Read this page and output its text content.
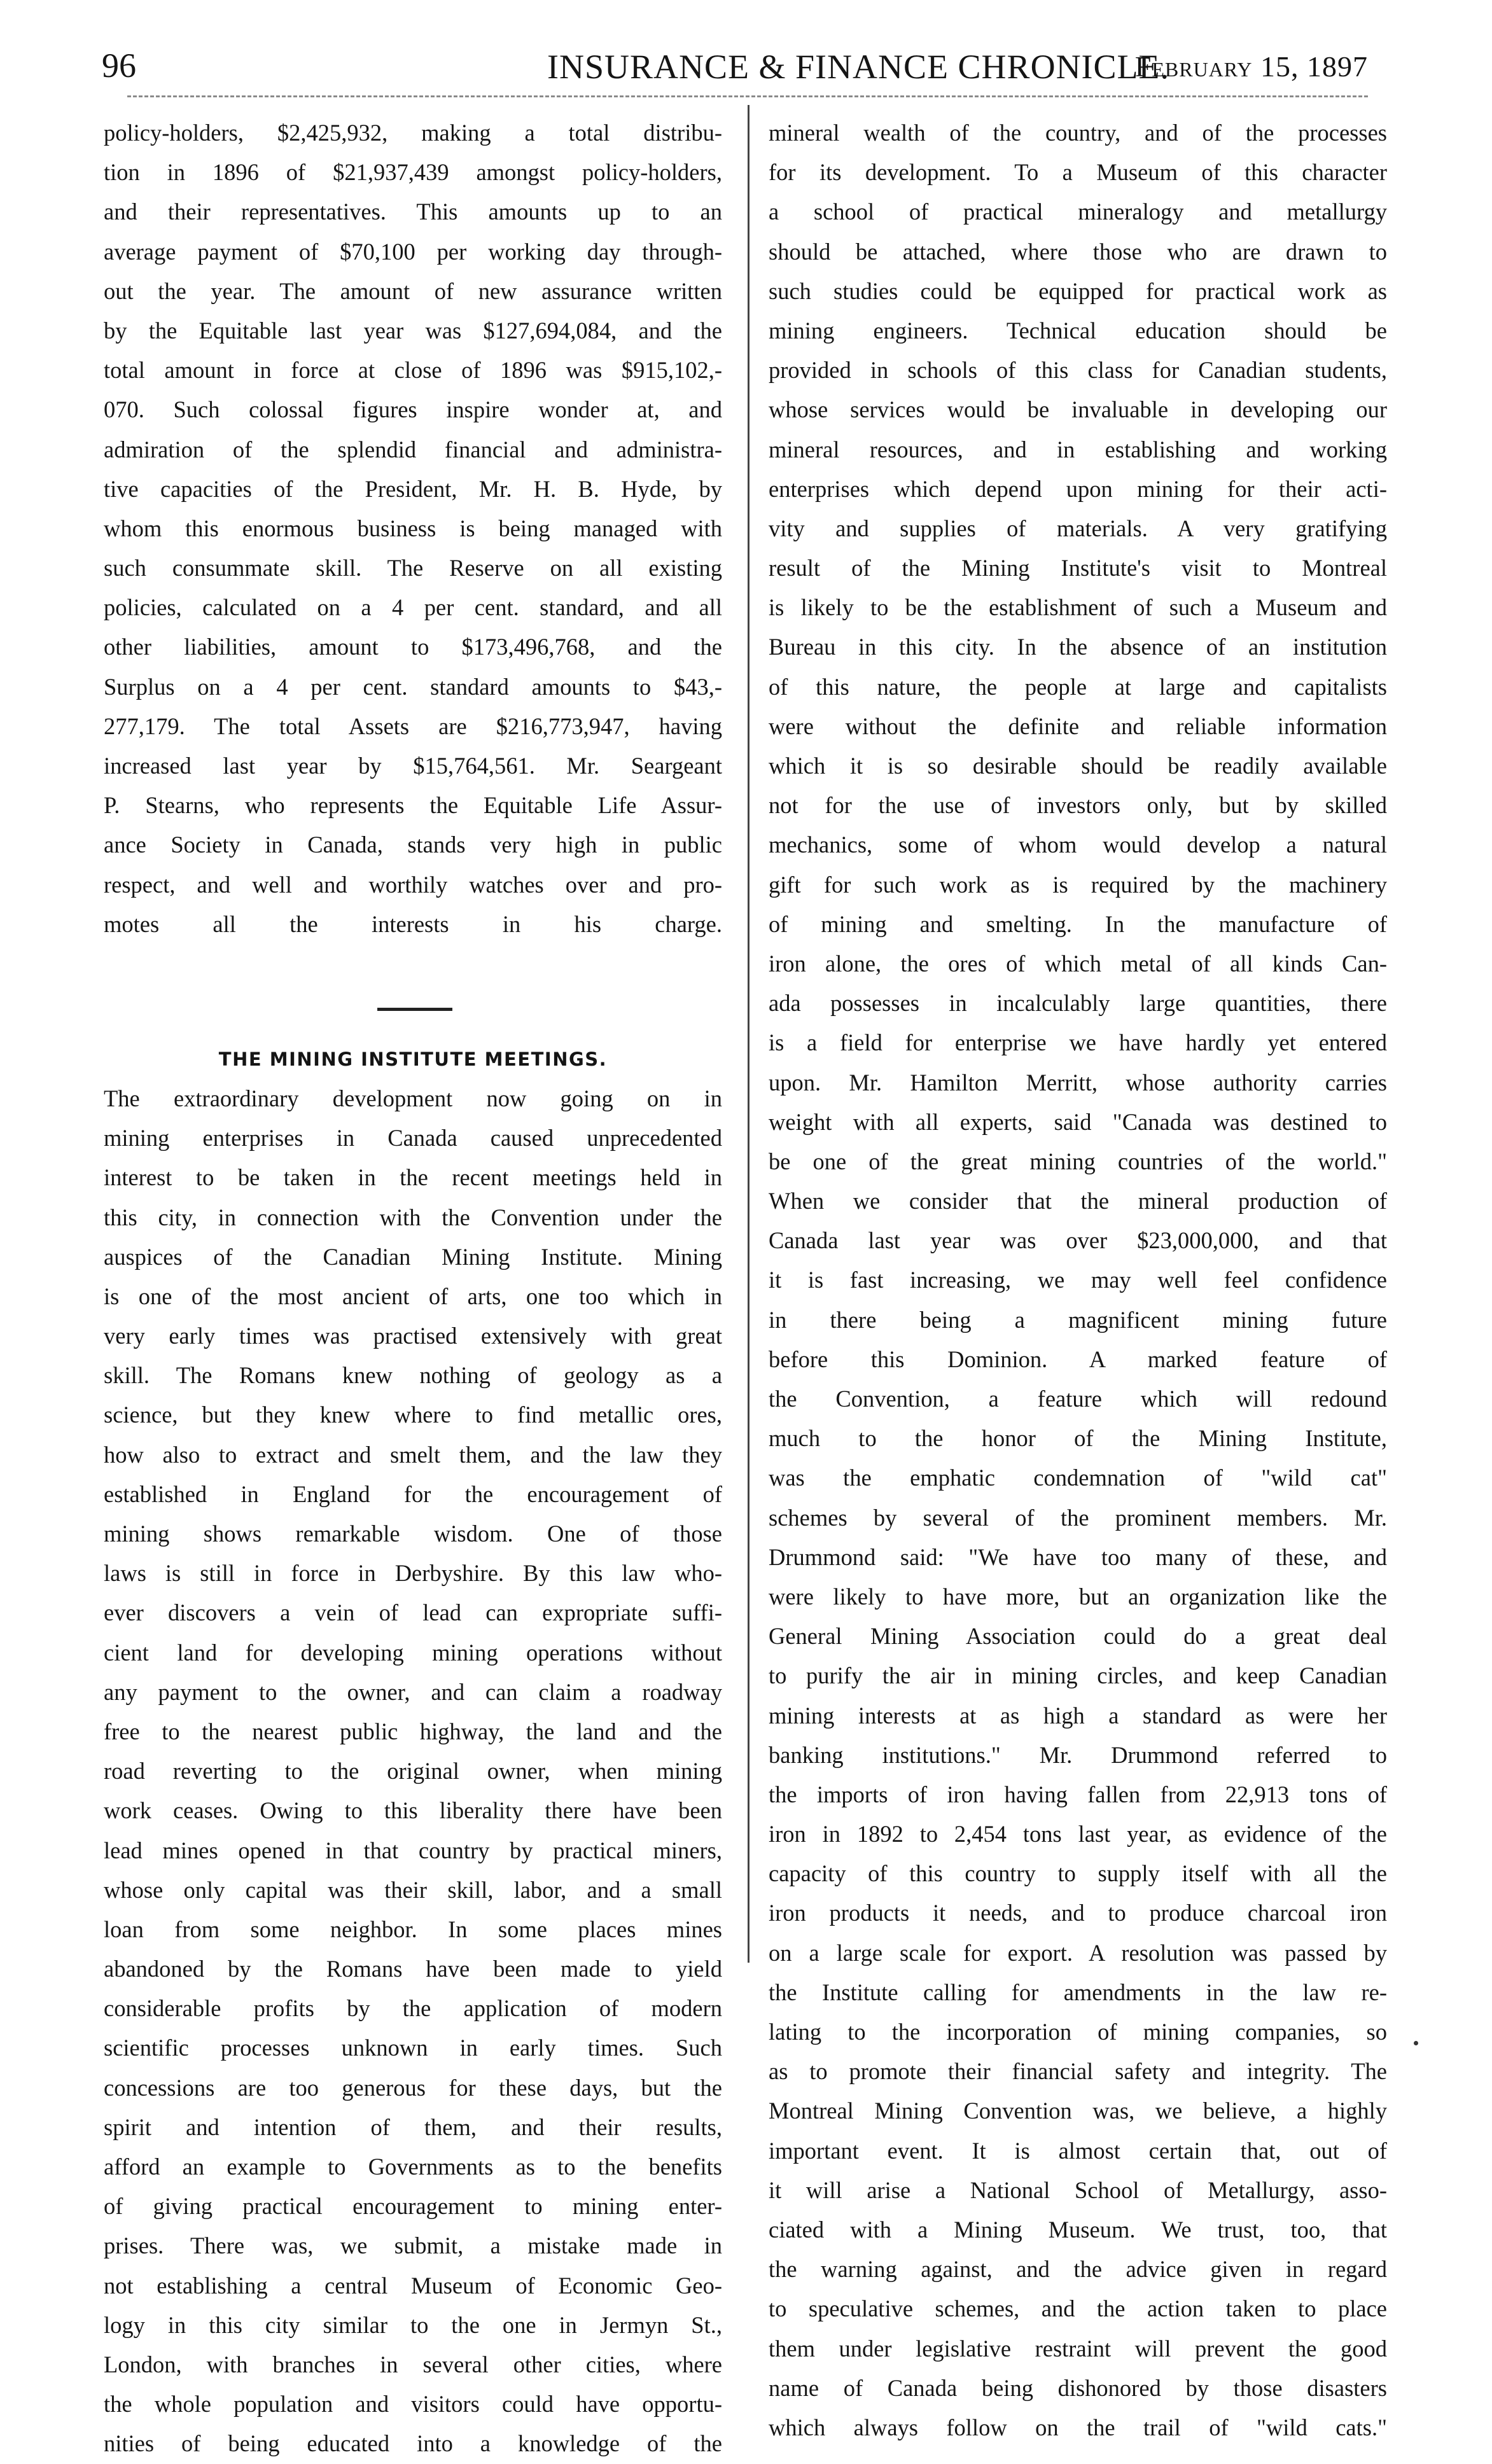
96	INSURANCE & FINANCE CHRONICLE.
February 15, 1897
policy-holders, $2,425,932, making a total distribu-
tion in 1896 of $21,937,439 amongst policy-holders,
and their representatives. This amounts up to an
average payment of $70,100 per working day through-
out the year. The amount of new assurance written
by the Equitable last year was $127,694,084, and the
total amount in force at close of 1896 was $915,102,-
070. Such colossal figures inspire wonder at, and
admiration of the splendid financial and administra-
tive capacities of the President, Mr. H. B. Hyde, by
whom this enormous business is being managed with
such consummate skill. The Reserve on all existing
policies, calculated on a 4 per cent. standard, and all
other liabilities, amount to $173,496,768, and the
Surplus on a 4 per cent. standard amounts to $43,-
277,179. The total Assets are $216,773,947, having
increased last year by $15,764,561. Mr. Seargeant
P. Stearns, who represents the Equitable Life Assur-
ance Society in Canada, stands very high in public
respect, and well and worthily watches over and pro-
motes all the interests in his charge.
THE MINING INSTITUTE MEETINGS.
The extraordinary development now going on in
mining enterprises in Canada caused unprecedented
interest to be taken in the recent meetings held in
this city, in connection with the Convention under the
auspices of the Canadian Mining Institute. Mining
is one of the most ancient of arts, one too which in
very early times was practised extensively with great
skill. The Romans knew nothing of geology as a
science, but they knew where to find metallic ores,
how also to extract and smelt them, and the law they
established in England for the encouragement of
mining shows remarkable wisdom. One of those
laws is still in force in Derbyshire. By this law who-
ever discovers a vein of lead can expropriate suffi-
cient land for developing mining operations without
any payment to the owner, and can claim a roadway
free to the nearest public highway, the land and the
road reverting to the original owner, when mining
work ceases. Owing to this liberality there have been
lead mines opened in that country by practical miners,
whose only capital was their skill, labor, and a small
loan from some neighbor. In some places mines
abandoned by the Romans have been made to yield
considerable profits by the application of modern
scientific processes unknown in early times. Such
concessions are too generous for these days, but the
spirit and intention of them, and their results,
afford an example to Governments as to the benefits
of giving practical encouragement to mining enter-
prises. There was, we submit, a mistake made in
not establishing a central Museum of Economic Geo-
logy in this city similar to the one in Jermyn St.,
London, with branches in several other cities, where
the whole population and visitors could have opportu-
nities of being educated into a knowledge of the
mineral wealth of the country, and of the processes
for its development. To a Museum of this character
a school of practical mineralogy and metallurgy
should be attached, where those who are drawn to
such studies could be equipped for practical work as
mining engineers. Technical education should be
provided in schools of this class for Canadian students,
whose services would be invaluable in developing our
mineral resources, and in establishing and working
enterprises which depend upon mining for their acti-
vity and supplies of materials. A very gratifying
result of the Mining Institute's visit to Montreal
is likely to be the establishment of such a Museum and
Bureau in this city. In the absence of an institution
of this nature, the people at large and capitalists
were without the definite and reliable information
which it is so desirable should be readily available
not for the use of investors only, but by skilled
mechanics, some of whom would develop a natural
gift for such work as is required by the machinery
of mining and smelting. In the manufacture of
iron alone, the ores of which metal of all kinds Can-
ada possesses in incalculably large quantities, there
is a field for enterprise we have hardly yet entered
upon. Mr. Hamilton Merritt, whose authority carries
weight with all experts, said "Canada was destined to
be one of the great mining countries of the world."
When we consider that the mineral production of
Canada last year was over $23,000,000, and that
it is fast increasing, we may well feel confidence
in there being a magnificent mining future
before this Dominion. A marked feature of
the Convention, a feature which will redound
much to the honor of the Mining Institute,
was the emphatic condemnation of "wild cat"
schemes by several of the prominent members. Mr.
Drummond said: "We have too many of these, and
were likely to have more, but an organization like the
General Mining Association could do a great deal
to purify the air in mining circles, and keep Canadian
mining interests at as high a standard as were her
banking institutions." Mr. Drummond referred to
the imports of iron having fallen from 22,913 tons of
iron in 1892 to 2,454 tons last year, as evidence of the
capacity of this country to supply itself with all the
iron products it needs, and to produce charcoal iron
on a large scale for export. A resolution was passed by
the Institute calling for amendments in the law re-
lating to the incorporation of mining companies, so
as to promote their financial safety and integrity. The
Montreal Mining Convention was, we believe, a highly
important event. It is almost certain that, out of
it will arise a National School of Metallurgy, asso-
ciated with a Mining Museum. We trust, too, that
the warning against, and the advice given in regard
to speculative schemes, and the action taken to place
them under legislative restraint will prevent the good
name of Canada being dishonored by those disasters
which always follow on the trail of "wild cats."
